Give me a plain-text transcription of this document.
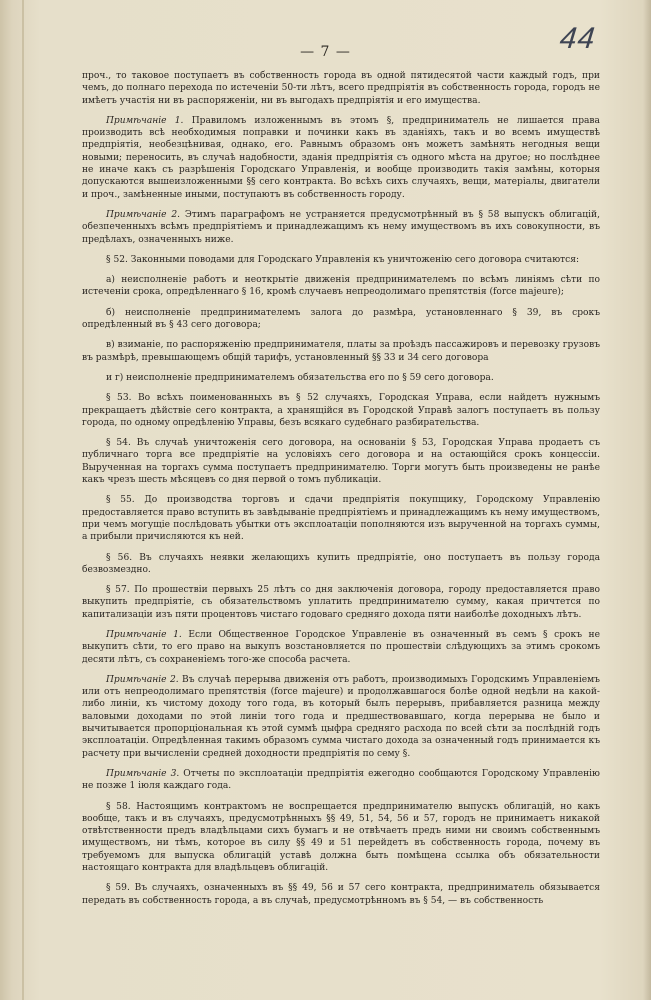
— 7 —	44

проч., то таковое поступаетъ въ собственность города въ одной пятидесятой части каждый годъ, при чемъ, до полнаго перехода по истеченіи 50-ти лѣтъ, всего предпріятія въ собственность города, городъ не имѣетъ участія ни въ распоряженіи, ни въ выгодахъ предпріятія и его имущества.

Примѣчаніе 1. Правиломъ изложеннымъ въ этомъ §, предприниматель не лишается права производить всѣ необходимыя поправки и починки какъ въ зданіяхъ, такъ и во всемъ имуществѣ предпріятія, необезцѣнивая, однако, его. Равнымъ образомъ онъ можетъ замѣнять негодныя вещи новыми; переносить, въ случаѣ надобности, зданія предпріятія съ одного мѣста на другое; но послѣднее не иначе какъ съ разрѣшенія Городскаго Управленія, и вообще производить такія замѣны, которыя допускаются вышеизложенными §§ сего контракта. Во всѣхъ сихъ случаяхъ, вещи, матеріалы, двигатели и проч., замѣненные иными, поступаютъ въ собственность городу.

Примѣчаніе 2. Этимъ параграфомъ не устраняется предусмотрѣнный въ § 58 выпускъ облигацій, обезпеченныхъ всѣмъ предпріятіемъ и принадлежащимъ къ нему имуществомъ въ ихъ совокупности, въ предѣлахъ, означенныхъ ниже.

§ 52. Законными поводами для Городскаго Управленія къ уничтоженію сего договора считаются:

а) неисполненіе работъ и неоткрытіе движенія предпринимателемъ по всѣмъ линіямъ сѣти по истеченіи срока, опредѣленнаго § 16, кромѣ случаевъ непреодолимаго препятствія (force majeure);

б) неисполненіе предпринимателемъ залога до размѣра, установленнаго § 39, въ срокъ опредѣленный въ § 43 сего договора;

в) взиманіе, по распоряженію предпринимателя, платы за проѣздъ пассажировъ и перевозку грузовъ въ размѣрѣ, превышающемъ общій тарифъ, установленный §§ 33 и 34 сего договора

и г) неисполненіе предпринимателемъ обязательства его по § 59 сего договора.

§ 53. Во всѣхъ поименованныхъ въ § 52 случаяхъ, Городская Управа, если найдетъ нужнымъ прекращаетъ дѣйствіе сего контракта, а хранящійся въ Городской Управѣ залогъ поступаетъ въ пользу города, по одному опредѣленію Управы, безъ всякаго судебнаго разбирательства.

§ 54. Въ случаѣ уничтоженія сего договора, на основаніи § 53, Городская Управа продаетъ съ публичнаго торга все предпріятіе на условіяхъ сего договора и на остающійся срокъ концессіи. Вырученная на торгахъ сумма поступаетъ предпринимателю. Торги могутъ быть произведены не ранѣе какъ чрезъ шесть мѣсяцевъ со дня первой о томъ публикаціи.

§ 55. До производства торговъ и сдачи предпріятія покупщику, Городскому Управленію предоставляется право вступить въ завѣдываніе предпріятіемъ и принадлежащимъ къ нему имуществомъ, при чемъ могущіе послѣдовать убытки отъ эксплоатаціи пополняются изъ вырученной на торгахъ суммы, а прибыли причисляются къ ней.

§ 56. Въ случаяхъ неявки желающихъ купить предпріятіе, оно поступаетъ въ пользу города безвозмездно.

§ 57. По прошествіи первыхъ 25 лѣтъ со дня заключенія договора, городу предоставляется право выкупить предпріятіе, съ обязательствомъ уплатить предпринимателю сумму, какая причтется по капитализаціи изъ пяти процентовъ чистаго годоваго средняго дохода пяти наиболѣе доходныхъ лѣтъ.

Примѣчаніе 1. Если Общественное Городское Управленіе въ означенный въ семъ § срокъ не выкупитъ сѣти, то его право на выкупъ возстановляется по прошествіи слѣдующихъ за этимъ срокомъ десяти лѣтъ, съ сохраненіемъ того-же способа расчета.

Примѣчаніе 2. Въ случаѣ перерыва движенія отъ работъ, производимыхъ Городскимъ Управленіемъ или отъ непреодолимаго препятствія (force majeure) и продолжавшагося болѣе одной недѣли на какой-либо линіи, къ чистому доходу того года, въ который былъ перерывъ, прибавляется разница между валовыми доходами по этой линіи того года и предшествовавшаго, когда перерыва не было и вычитывается пропорціональная къ этой суммѣ цыфра средняго расхода по всей сѣти за послѣдній годъ эксплоатаціи. Опредѣленная такимъ образомъ сумма чистаго дохода за означенный годъ принимается къ расчету при вычисленіи средней доходности предпріятія по сему §.

Примѣчаніе 3. Отчеты по эксплоатаціи предпріятія ежегодно сообщаются Городскому Управленію не позже 1 іюля каждаго года.

§ 58. Настоящимъ контрактомъ не воспрещается предпринимателю выпускъ облигацій, но какъ вообще, такъ и въ случаяхъ, предусмотрѣнныхъ §§ 49, 51, 54, 56 и 57, городъ не принимаетъ никакой отвѣтственности предъ владѣльцами сихъ бумагъ и не отвѣчаетъ предъ ними ни своимъ собственнымъ имуществомъ, ни тѣмъ, которое въ силу §§ 49 и 51 перейдетъ въ собственность города, почему въ требуемомъ для выпуска облигацій уставѣ должна быть помѣщена ссылка объ обязательности настоящаго контракта для владѣльцевъ облигацій.

§ 59. Въ случаяхъ, означенныхъ въ §§ 49, 56 и 57 сего контракта, предприниматель обязывается передать въ собственность города, а въ случаѣ, предусмотрѣнномъ въ § 54, — въ собственность
